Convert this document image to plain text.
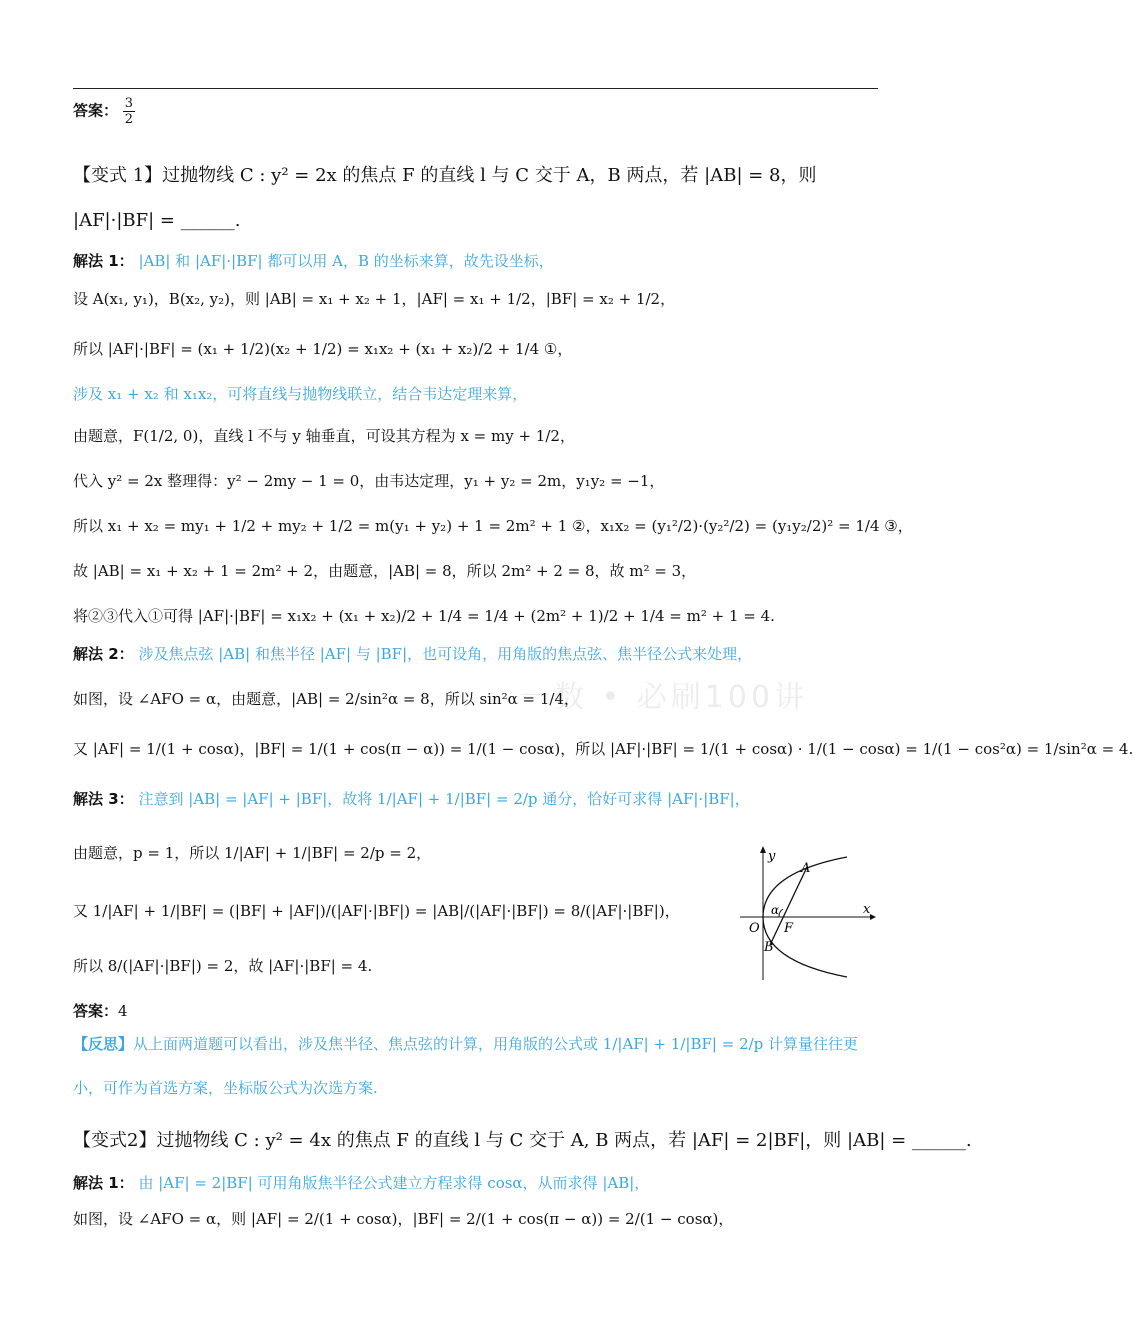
答案： $\frac{3}{2}$
【变式 1】过抛物线 C : y² = 2x 的焦点 F 的直线 l 与 C 交于 A，B 两点，若 |AB| = 8，则
|AF|·|BF| = ______.
解法 1： |AB| 和 |AF|·|BF| 都可以用 A，B 的坐标来算，故先设坐标，
设 A(x₁, y₁)，B(x₂, y₂)，则 |AB| = x₁ + x₂ + 1，|AF| = x₁ + 1/2，|BF| = x₂ + 1/2，
所以 |AF|·|BF| = (x₁ + 1/2)(x₂ + 1/2) = x₁x₂ + (x₁ + x₂)/2 + 1/4 ①，
涉及 x₁ + x₂ 和 x₁x₂，可将直线与抛物线联立，结合韦达定理来算，
由题意，F(1/2, 0)，直线 l 不与 y 轴垂直，可设其方程为 x = my + 1/2，
代入 y² = 2x 整理得：y² − 2my − 1 = 0，由韦达定理，y₁ + y₂ = 2m，y₁y₂ = −1，
所以 x₁ + x₂ = my₁ + 1/2 + my₂ + 1/2 = m(y₁ + y₂) + 1 = 2m² + 1 ②，x₁x₂ = (y₁²/2)·(y₂²/2) = (y₁y₂/2)² = 1/4 ③，
故 |AB| = x₁ + x₂ + 1 = 2m² + 2，由题意，|AB| = 8，所以 2m² + 2 = 8，故 m² = 3，
将②③代入①可得 |AF|·|BF| = x₁x₂ + (x₁ + x₂)/2 + 1/4 = 1/4 + (2m² + 1)/2 + 1/4 = m² + 1 = 4.
解法 2： 涉及焦点弦 |AB| 和焦半径 |AF| 与 |BF|，也可设角，用角版的焦点弦、焦半径公式来处理，
一数 • 必刷100讲
如图，设 ∠AFO = α，由题意，|AB| = 2/sin²α = 8，所以 sin²α = 1/4，
又 |AF| = 1/(1 + cosα)，|BF| = 1/(1 + cos(π − α)) = 1/(1 − cosα)，所以 |AF|·|BF| = 1/(1 + cosα) · 1/(1 − cosα) = 1/(1 − cos²α) = 1/sin²α = 4.
解法 3： 注意到 |AB| = |AF| + |BF|，故将 1/|AF| + 1/|BF| = 2/p 通分，恰好可求得 |AF|·|BF|，
由题意，p = 1，所以 1/|AF| + 1/|BF| = 2/p = 2，
又 1/|AF| + 1/|BF| = (|BF| + |AF|)/(|AF|·|BF|) = |AB|/(|AF|·|BF|) = 8/(|AF|·|BF|)，
所以 8/(|AF|·|BF|) = 2，故 |AF|·|BF| = 4.
y
x
O
A
B
F
α
答案：4
【反思】从上面两道题可以看出，涉及焦半径、焦点弦的计算，用角版的公式或 1/|AF| + 1/|BF| = 2/p 计算量往往更
小，可作为首选方案，坐标版公式为次选方案.
【变式2】过抛物线 C : y² = 4x 的焦点 F 的直线 l 与 C 交于 A, B 两点，若 |AF| = 2|BF|，则 |AB| = ______.
解法 1： 由 |AF| = 2|BF| 可用角版焦半径公式建立方程求得 cosα，从而求得 |AB|，
如图，设 ∠AFO = α，则 |AF| = 2/(1 + cosα)，|BF| = 2/(1 + cos(π − α)) = 2/(1 − cosα)，
